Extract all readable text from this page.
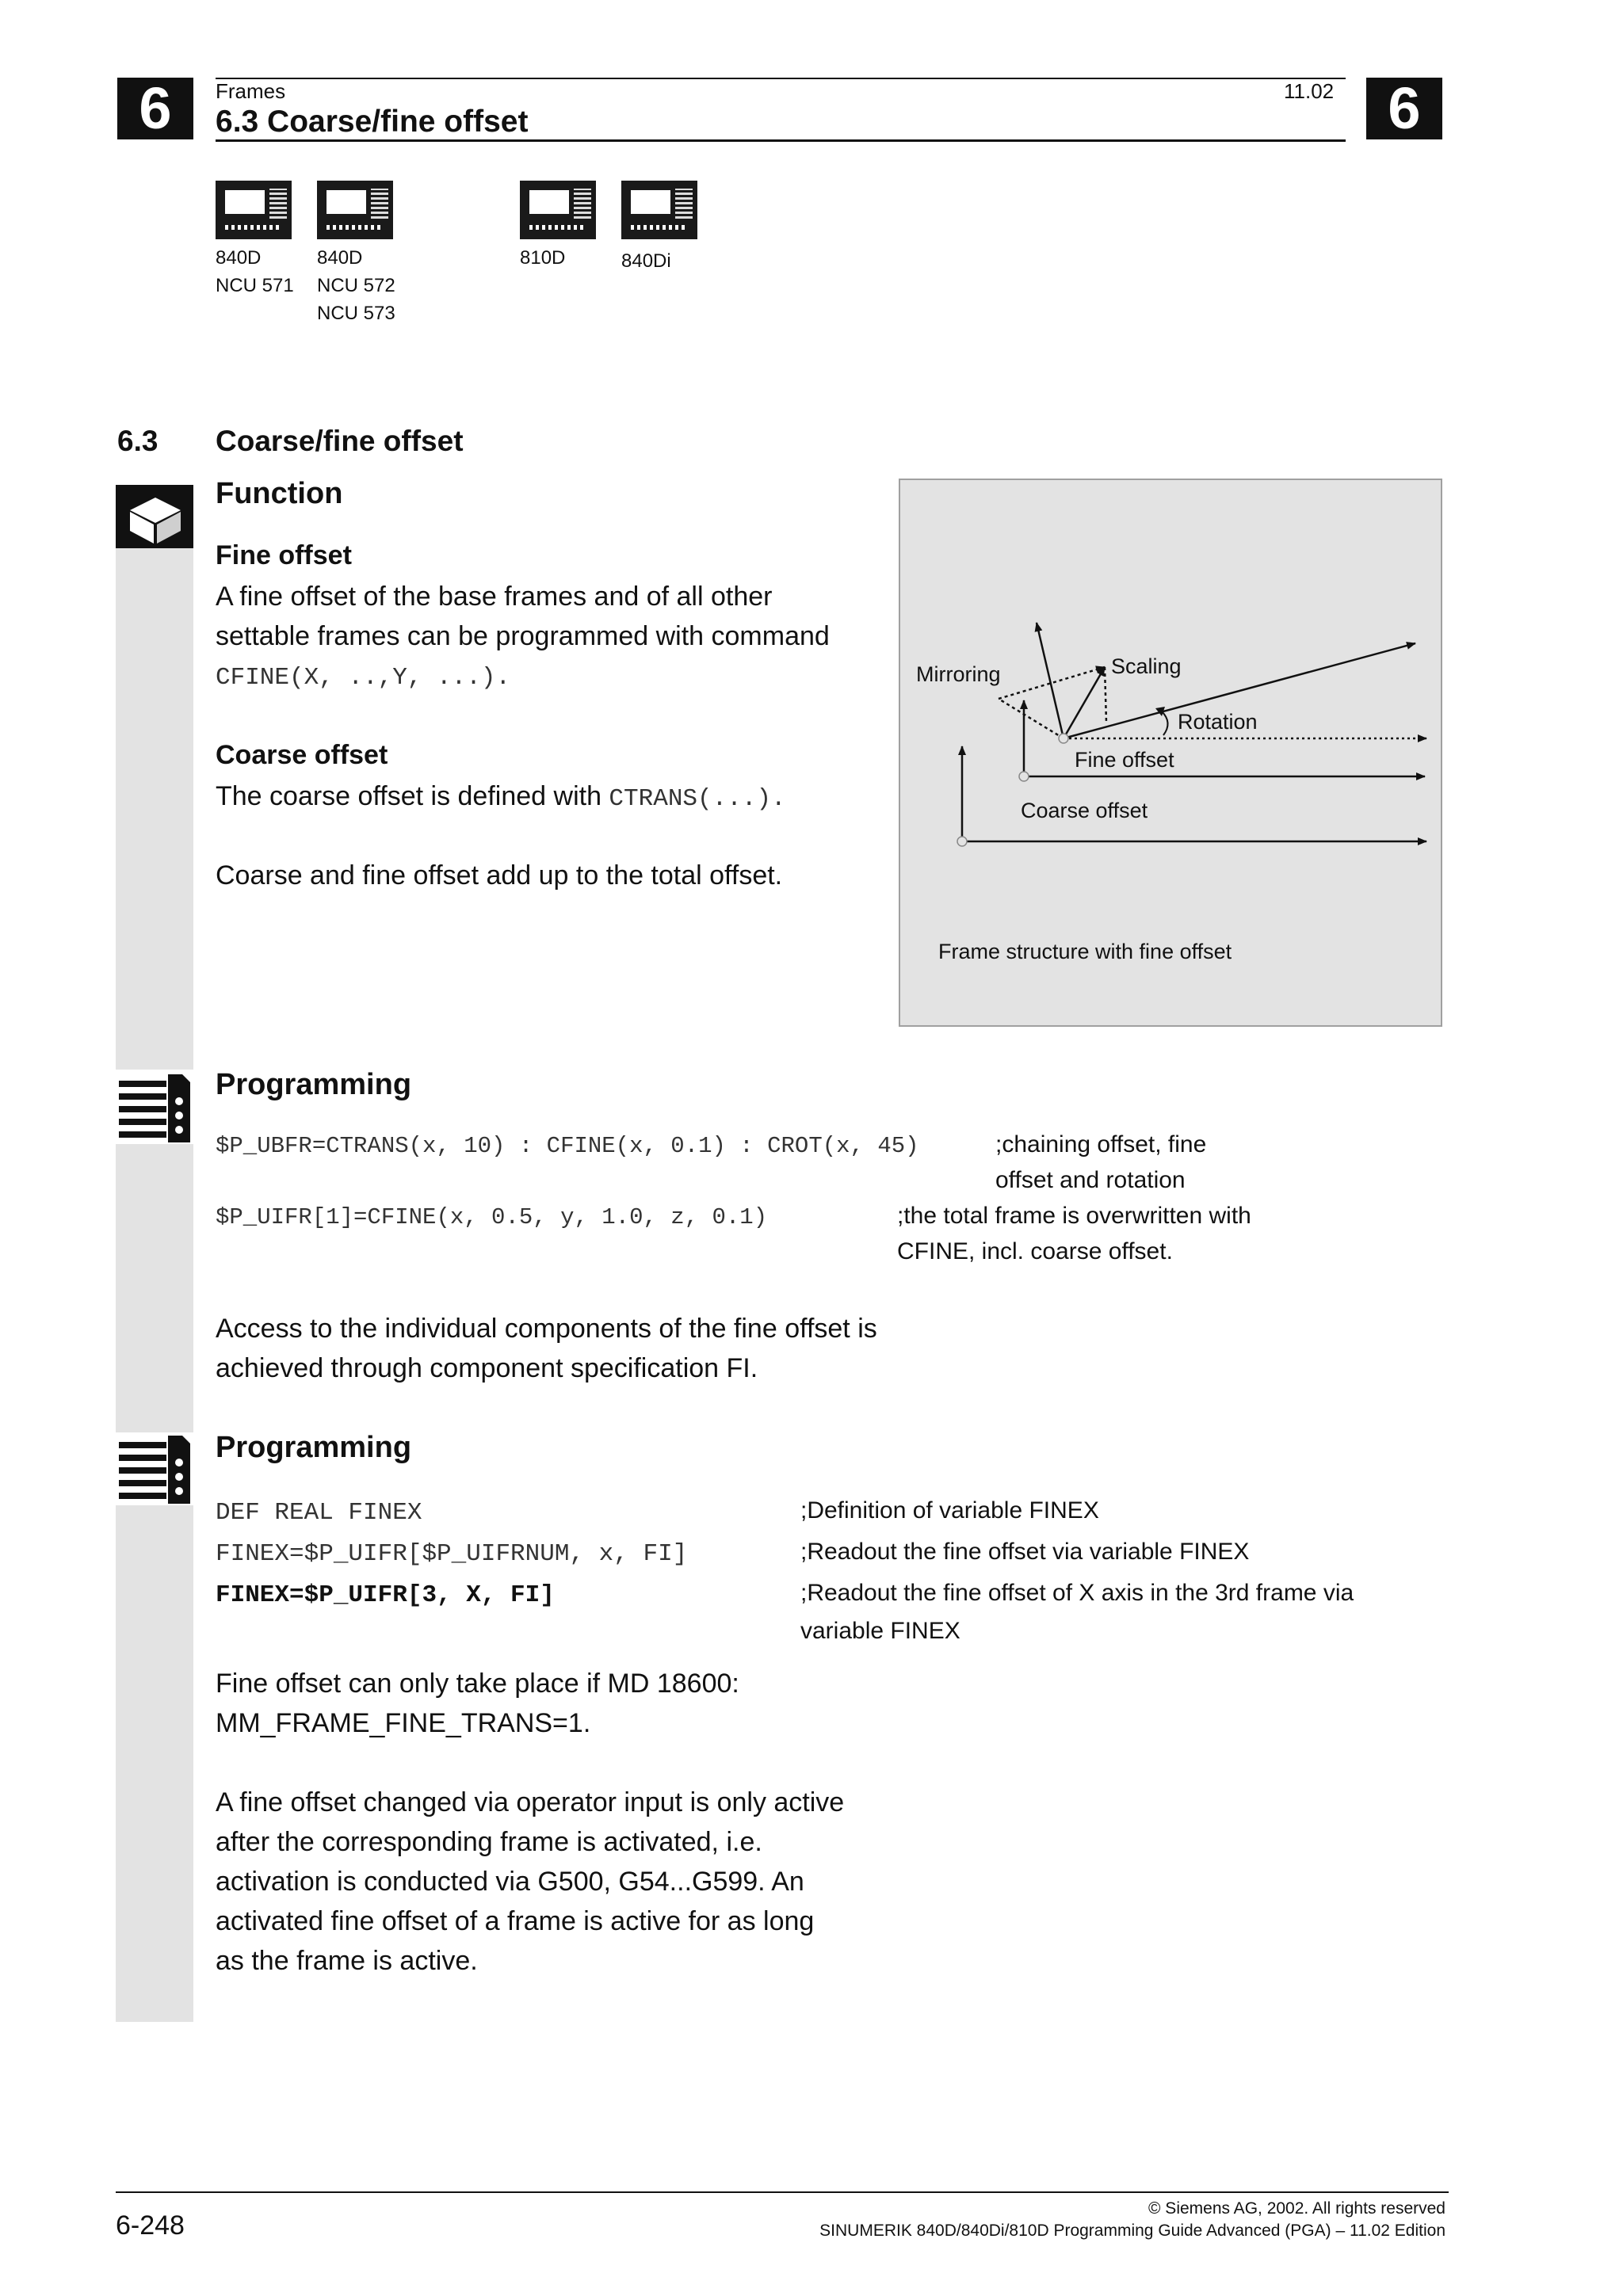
6	Frames
6.3 Coarse/fine offset
11.02 6
840D
NCU 571
840D
NCU 572
NCU 573
810D	840Di
6.3 Coarse/fine offset
Function
Fine offset
A fine offset of the base frames and of all other
settable frames can be programmed with command
CFINE(X, ..,Y, ...).
Coarse offset
The coarse offset is defined with CTRANS(...).
Coarse and fine offset add up to the total offset.
Mirroring	Scaling
Rotation
Fine offset
Coarse offset
Frame structure with fine offset
Programming
$P_UBFR=CTRANS(x, 10) : CFINE(x, 0.1) : CROT(x, 45)	;chaining offset, fine
offset and rotation
$P_UIFR[1]=CFINE(x, 0.5, y, 1.0, z, 0.1)	;the total frame is overwritten with
CFINE, incl. coarse offset.
Access to the individual components of the fine offset is
achieved through component specification FI.
Programming
DEF REAL FINEX	;Definition of variable FINEX
FINEX=$P_UIFR[$P_UIFRNUM, x, FI]	;Readout the fine offset via variable FINEX
FINEX=$P_UIFR[3, X, FI]	;Readout the fine offset of X axis in the 3rd frame via
variable FINEX
Fine offset can only take place if MD 18600:
MM_FRAME_FINE_TRANS=1.
A fine offset changed via operator input is only active
after the corresponding frame is activated, i.e.
activation is conducted via G500, G54...G599. An
activated fine offset of a frame is active for as long
as the frame is active.
6-248
© Siemens AG, 2002. All rights reserved
SINUMERIK 840D/840Di/810D Programming Guide Advanced (PGA) – 11.02 Edition
